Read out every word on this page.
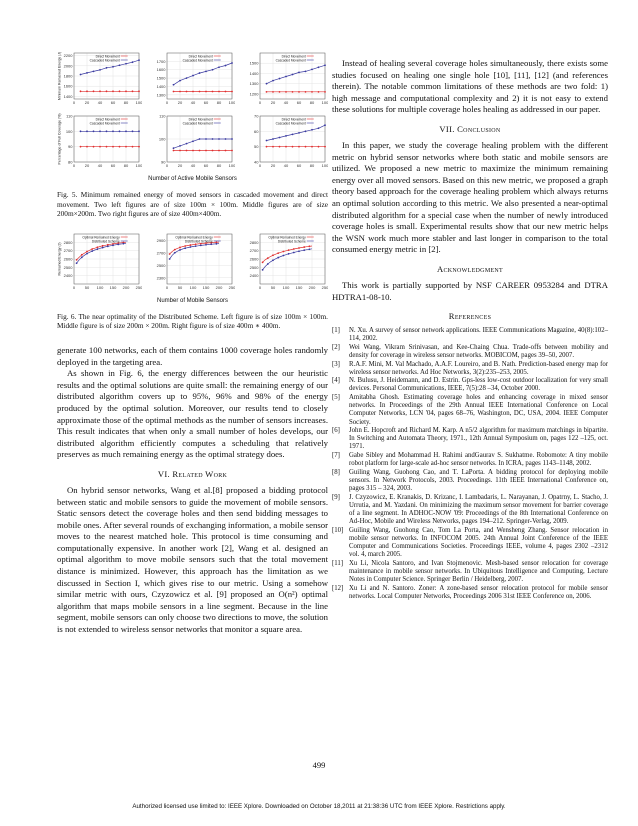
1400
1600
1800
2000
2200
0 20 40 60 80 100
Direct Movement
Cascaded Movement
Minimum Remained Energy (J)	1300
1400
1500
1600
1700
0 20 40 60 80 100
Direct Movement
Cascaded Movement
1200
1300
1400
1500
0 20 40 60 80 100
Direct Movement
Cascaded Movement
80
90
100
110
0 20 40 60 80 100
Direct Movement
Cascaded Movement
Percentage of Full Coverage (%)	90
100
110
0 20 40 60 80 100
Direct Movement
Cascaded Movement
40
50
60
70
0 20 40 60 80 100
Direct Movement
Cascaded Movement
Number of Active Mobile Sensors

Fig. 5. Minimum remained energy of moved sensors in cascaded movement and direct movement. Two left figures are of size 100m × 100m. Middle figures are of size 200m×200m. Two right figures are of size 400m×400m.

2400
2500
2600
2700
2800
0 50 100 150 200 250
Optimal Remained Energy
Distributed Scheme
Remained Energy (J)
2300
2500
2700
2900
0 50 100 150 200 250
Optimal Remained Energy
Distributed Scheme
2400
2500
2600
2700
2800
0 50 100 150 200 250
Optimal Remained Energy
Distributed Scheme
Number of Mobile Sensors

Fig. 6. The near optimality of the Distributed Scheme. Left figure is of size 100m × 100m. Middle figure is of size 200m × 200m. Right figure is of size 400m ∗ 400m.

generate 100 networks, each of them contains 1000 coverage holes randomly deployed in the targeting area.

As shown in Fig. 6, the energy differences between the our heuristic results and the optimal solutions are quite small: the remaining energy of our distributed algorithm covers up to 95%, 96% and 98% of the energy produced by the optimal solution. Moreover, our results tend to closely approximate those of the optimal methods as the number of sensors increases. This result indicates that when only a small number of holes develops, our distributed algorithm efficiently computes a scheduling that relatively preserves as much remaining energy as the optimal strategy does.

VI. Related Work

On hybrid sensor networks, Wang et al.[8] proposed a bidding protocol between static and mobile sensors to guide the movement of mobile sensors. Static sensors detect the coverage holes and then send bidding messages to mobile ones. After several rounds of exchanging information, a mobile sensor moves to the nearest matched hole. This protocol is time consuming and computationally expensive. In another work [2], Wang et al. designed an optimal algorithm to move mobile sensors such that the total movement distance is minimized. However, this approach has the limitation as we discussed in Section I, which gives rise to our metric. Using a somehow similar metric with ours, Czyzowicz et al. [9] proposed an O(n²) optimal algorithm that maps mobile sensors in a line segment. Because in the line segment, mobile sensors can only choose two directions to move, the solution is not extended to wireless sensor networks that monitor a square area.

Instead of healing several coverage holes simultaneously, there exists some studies focused on healing one single hole [10], [11], [12] (and references therein). The notable common limitations of these methods are two fold: 1) high message and computational complexity and 2) it is not easy to extend these solutions for multiple coverage holes healing as addressed in our paper.

VII. Conclusion

In this paper, we study the coverage healing problem with the different metric on hybrid sensor networks where both static and mobile sensors are utilized. We proposed a new metric to maximize the minimum remaining energy over all moved sensors. Based on this new metric, we proposed a graph theory based approach for the coverage healing problem which always returns an optimal solution according to this metric. We also presented a near-optimal distributed algorithm for a special case when the number of newly introduced coverage holes is small. Experimental results show that our new metric helps the WSN work much more stabler and last longer in comparison to the total consumed energy metric in [2].

Acknowledgment

This work is partially supported by NSF CAREER 0953284 and DTRA HDTRA1-08-10.

References
[1]	N. Xu. A survey of sensor network applications. IEEE Communications Magazine, 40(8):102–114, 2002.
[2]	Wei Wang, Vikram Srinivasan, and Kee-Chaing Chua. Trade-offs between mobility and density for coverage in wireless sensor networks. MOBICOM, pages 39–50, 2007.
[3]	R.A.F. Mini, M. Val Machado, A.A.F. Loureiro, and B. Nath. Prediction-based energy map for wireless sensor networks. Ad Hoc Networks, 3(2):235–253, 2005.
[4]	N. Bulusu, J. Heidemann, and D. Estrin. Gps-less low-cost outdoor localization for very small devices. Personal Communications, IEEE, 7(5):28 –34, October 2000.
[5]	Amitabha Ghosh. Estimating coverage holes and enhancing coverage in mixed sensor networks. In Proceedings of the 29th Annual IEEE International Conference on Local Computer Networks, LCN '04, pages 68–76, Washington, DC, USA, 2004. IEEE Computer Society.
[6]	John E. Hopcroft and Richard M. Karp. A n5/2 algorithm for maximum matchings in bipartite. In Switching and Automata Theory, 1971., 12th Annual Symposium on, pages 122 –125, oct. 1971.
[7]	Gabe Sibley and Mohammad H. Rahimi andGaurav S. Sukhatme. Robomote: A tiny mobile robot platform for large-scale ad-hoc sensor networks. In ICRA, pages 1143–1148, 2002.
[8]	Guiling Wang, Guohong Cao, and T. LaPorta. A bidding protocol for deploying mobile sensors. In Network Protocols, 2003. Proceedings. 11th IEEE International Conference on, pages 315 – 324, 2003.
[9]	J. Czyzowicz, E. Kranakis, D. Krizanc, I. Lambadaris, L. Narayanan, J. Opatrny, L. Stacho, J. Urrutia, and M. Yazdani. On minimizing the maximum sensor movement for barrier coverage of a line segment. In ADHOC-NOW '09: Proceedings of the 8th International Conference on Ad-Hoc, Mobile and Wireless Networks, pages 194–212. Springer-Verlag, 2009.
[10] Guiling Wang, Guohong Cao, Tom La Porta, and Wensheng Zhang. Sensor relocation in mobile sensor networks. In INFOCOM 2005. 24th Annual Joint Conference of the IEEE Computer and Communications Societies. Proceedings IEEE, volume 4, pages 2302 –2312 vol. 4, march 2005.
[11] Xu Li, Nicola Santoro, and Ivan Stojmenovic. Mesh-based sensor relocation for coverage maintenance in mobile sensor networks. In Ubiquitous Intelligence and Computing, Lecture Notes in Computer Science. Springer Berlin / Heidelberg, 2007.
[12] Xu Li and N. Santoro. Zoner: A zone-based sensor relocation protocol for mobile sensor networks. Local Computer Networks, Proceedings 2006 31st IEEE Conference on, 2006.
499
Authorized licensed use limited to: IEEE Xplore. Downloaded on October 18,2011 at 21:38:36 UTC from IEEE Xplore. Restrictions apply.
